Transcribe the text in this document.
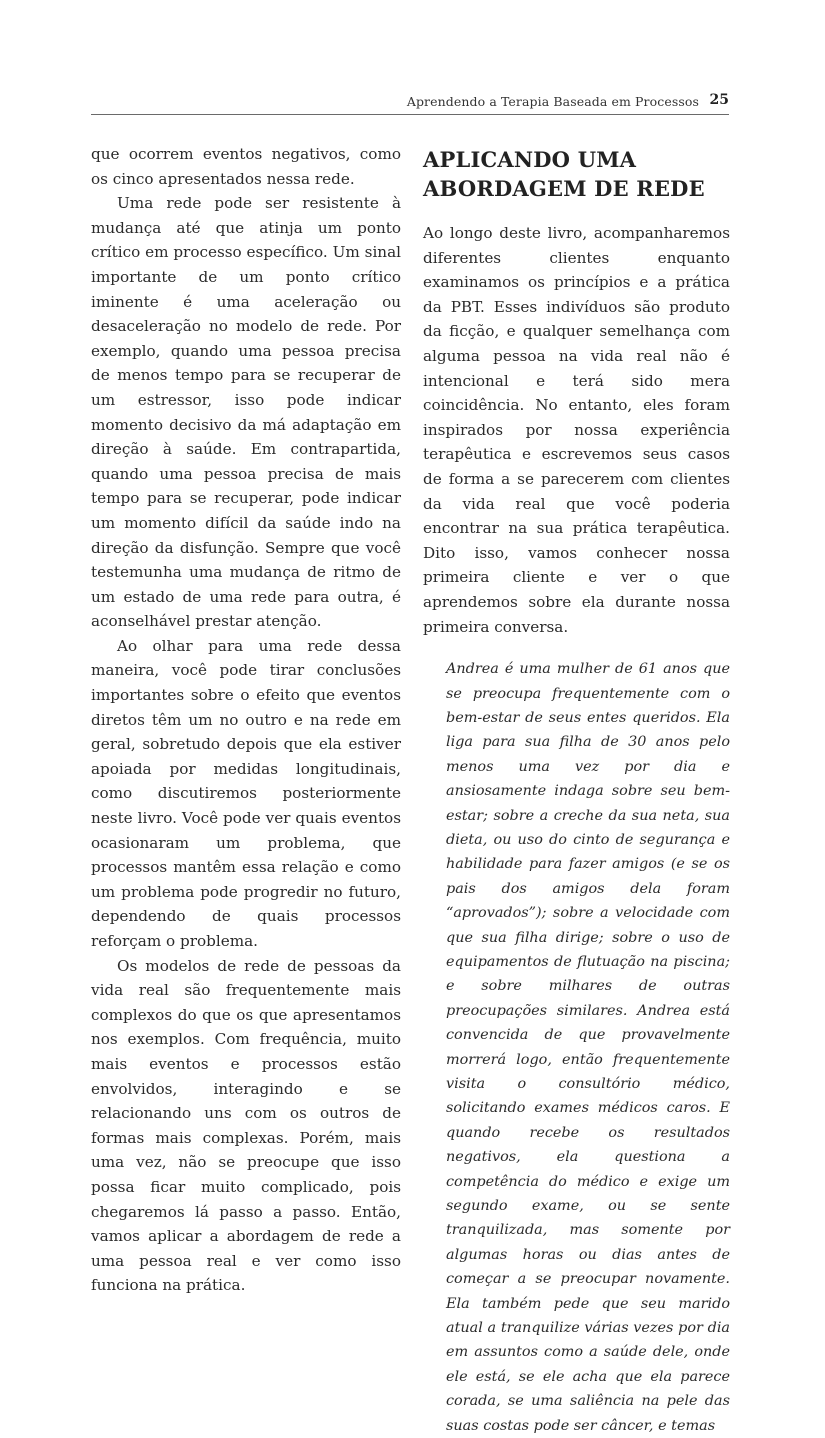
Aprendendo a Terapia Baseada em Processos 25

que ocorrem eventos negativos, como os cinco apresentados nessa rede.

Uma rede pode ser resistente à mudança até que atinja um ponto crítico em processo específico. Um sinal importante de um ponto crítico iminente é uma aceleração ou desaceleração no modelo de rede. Por exemplo, quando uma pessoa precisa de menos tempo para se recuperar de um estressor, isso pode indicar momento decisivo da má adaptação em direção à saúde. Em contrapartida, quando uma pessoa precisa de mais tempo para se recuperar, pode indicar um momento difícil da saúde indo na direção da disfunção. Sempre que você testemunha uma mudança de ritmo de um estado de uma rede para outra, é aconselhável prestar atenção.

Ao olhar para uma rede dessa maneira, você pode tirar conclusões importantes sobre o efeito que eventos diretos têm um no outro e na rede em geral, sobretudo depois que ela estiver apoiada por medidas longitudinais, como discutiremos posteriormente neste livro. Você pode ver quais eventos ocasionaram um problema, que processos mantêm essa relação e como um problema pode progredir no futuro, dependendo de quais processos reforçam o problema.

Os modelos de rede de pessoas da vida real são frequentemente mais complexos do que os que apresentamos nos exemplos. Com frequência, muito mais eventos e processos estão envolvidos, interagindo e se relacionando uns com os outros de formas mais complexas. Porém, mais uma vez, não se preocupe que isso possa ficar muito complicado, pois chegaremos lá passo a passo. Então, vamos aplicar a abordagem de rede a uma pessoa real e ver como isso funciona na prática.

APLICANDO UMA
ABORDAGEM DE REDE

Ao longo deste livro, acompanharemos diferentes clientes enquanto examinamos os princípios e a prática da PBT. Esses indivíduos são produto da ficção, e qualquer semelhança com alguma pessoa na vida real não é intencional e terá sido mera coincidência. No entanto, eles foram inspirados por nossa experiência terapêutica e escrevemos seus casos de forma a se parecerem com clientes da vida real que você poderia encontrar na sua prática terapêutica. Dito isso, vamos conhecer nossa primeira cliente e ver o que aprendemos sobre ela durante nossa primeira conversa.

Andrea é uma mulher de 61 anos que se preocupa frequentemente com o bem-estar de seus entes queridos. Ela liga para sua filha de 30 anos pelo menos uma vez por dia e ansiosamente indaga sobre seu bem-estar; sobre a creche da sua neta, sua dieta, ou uso do cinto de segurança e habilidade para fazer amigos (e se os pais dos amigos dela foram “aprovados”); sobre a velocidade com que sua filha dirige; sobre o uso de equipamentos de flutuação na piscina; e sobre milhares de outras preocupações similares. Andrea está convencida de que provavelmente morrerá logo, então frequentemente visita o consultório médico, solicitando exames médicos caros. E quando recebe os resultados negativos, ela questiona a competência do médico e exige um segundo exame, ou se sente tranquilizada, mas somente por algumas horas ou dias antes de começar a se preocupar novamente. Ela também pede que seu marido atual a tranquilize várias vezes por dia em assuntos como a saúde dele, onde ele está, se ele acha que ela parece corada, se uma saliência na pele das suas costas pode ser câncer, e temas
